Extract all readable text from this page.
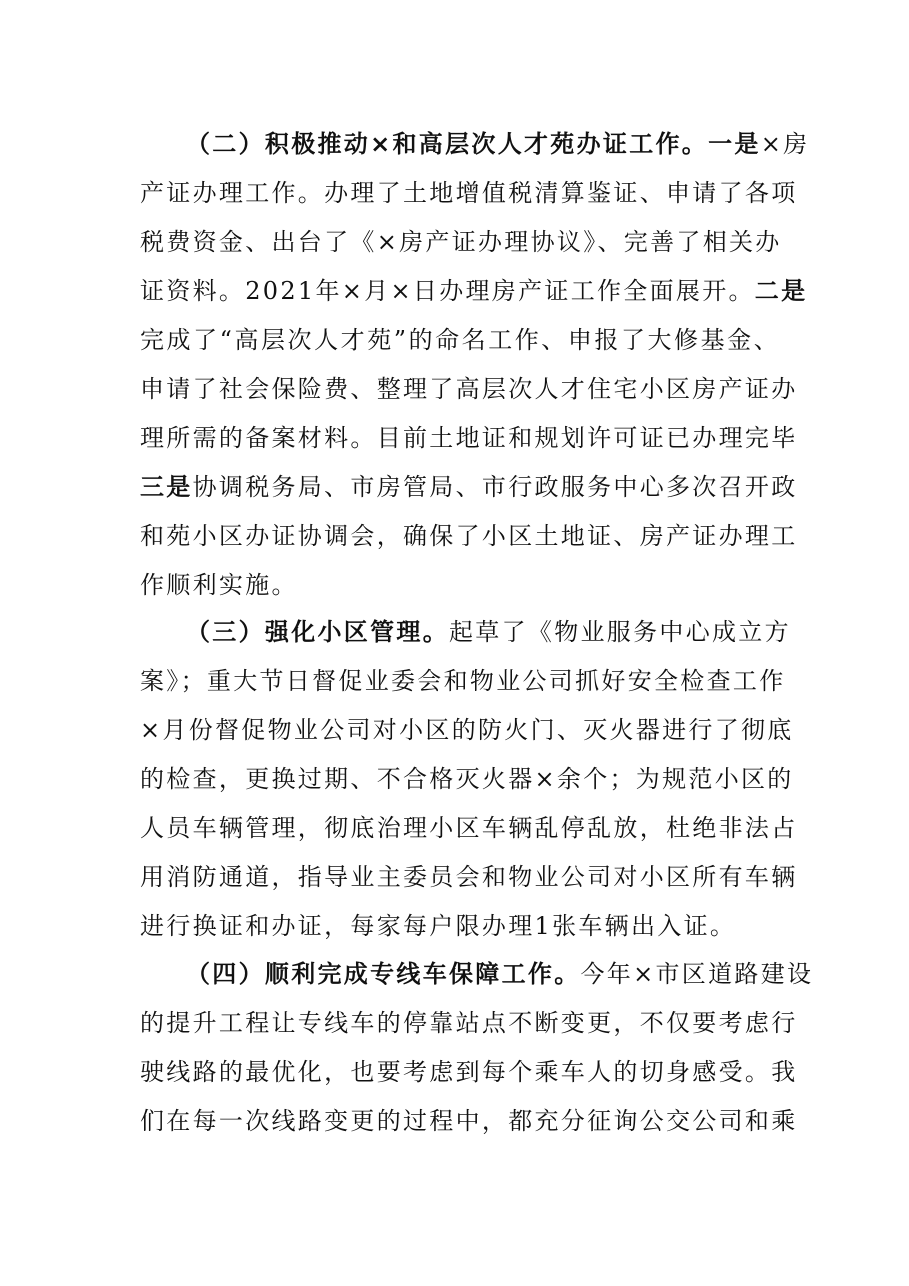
（二）积极推动×和高层次人才苑办证工作。一是×房
产证办理工作。办理了土地增值税清算鉴证、申请了各项
税费资金、出台了《×房产证办理协议》、完善了相关办
证资料。2021年×月×日办理房产证工作全面展开。二是
完成了“高层次人才苑”的命名工作、申报了大修基金、
申请了社会保险费、整理了高层次人才住宅小区房产证办
理所需的备案材料。目前土地证和规划许可证已办理完毕
三是协调税务局、市房管局、市行政服务中心多次召开政
和苑小区办证协调会，确保了小区土地证、房产证办理工
作顺利实施。
（三）强化小区管理。起草了《物业服务中心成立方
案》；重大节日督促业委会和物业公司抓好安全检查工作
×月份督促物业公司对小区的防火门、灭火器进行了彻底
的检查，更换过期、不合格灭火器×余个；为规范小区的
人员车辆管理，彻底治理小区车辆乱停乱放，杜绝非法占
用消防通道，指导业主委员会和物业公司对小区所有车辆
进行换证和办证，每家每户限办理1张车辆出入证。
（四）顺利完成专线车保障工作。今年×市区道路建设
的提升工程让专线车的停靠站点不断变更，不仅要考虑行
驶线路的最优化，也要考虑到每个乘车人的切身感受。我
们在每一次线路变更的过程中，都充分征询公交公司和乘
